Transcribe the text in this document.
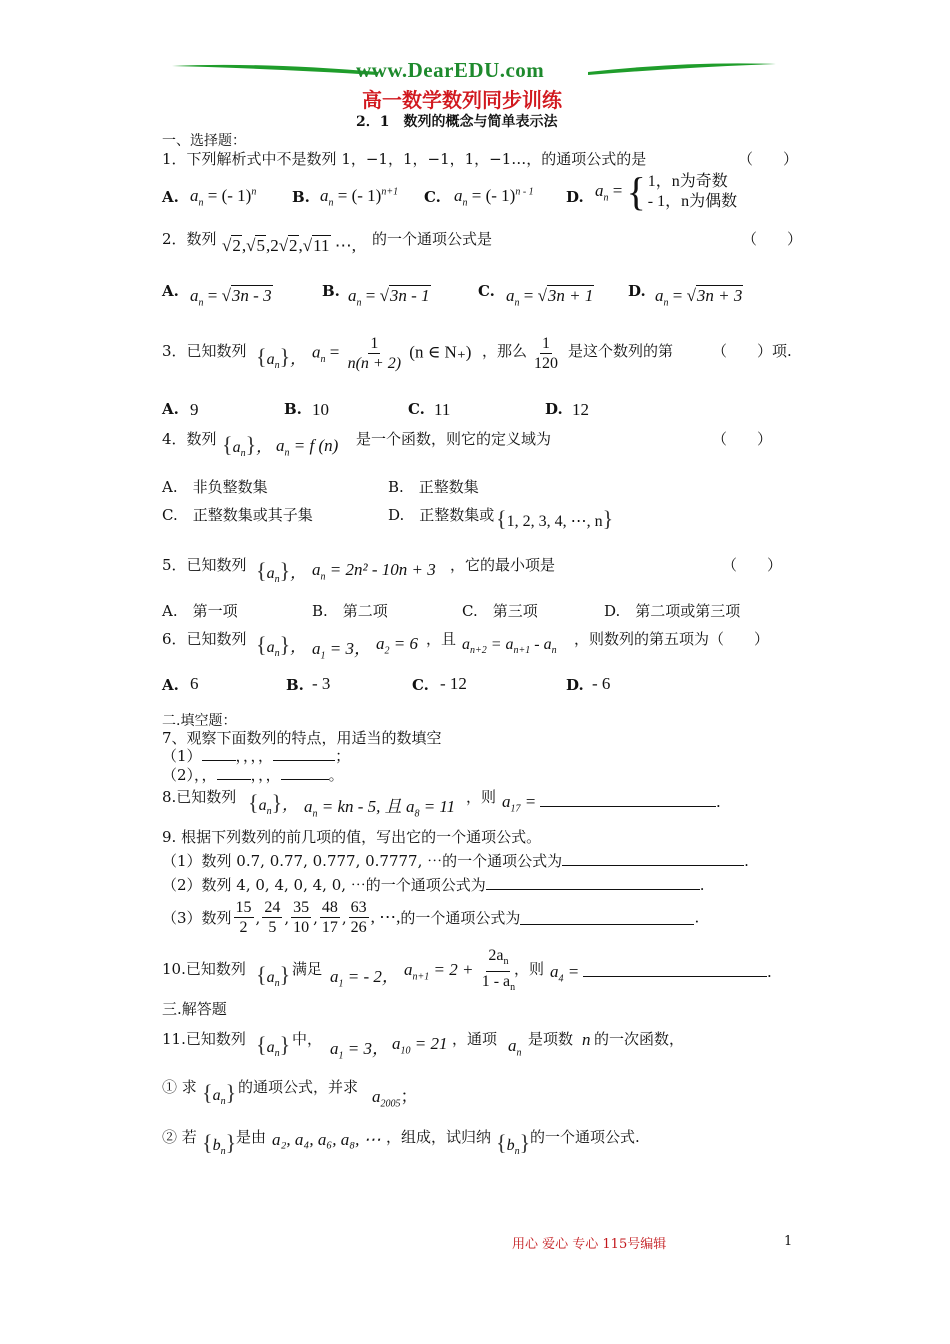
www.DearEDU.com
高一数学数列同步训练
2．1　数列的概念与简单表示法
一、选择题：
1．下列解析式中不是数列 1，−1，1，−1，1，−1…，的通项公式的是	（　　）
A. $a_n$ = (- 1)$^n$ B. $a_n$ = (- 1)$^{n+1}$ C. $a_n$ = (- 1)$^{n - 1}$ D. $a_n$ = { 1，n为奇数
- 1，n为偶数
2．数列 √2,√5,2√2,√11 ⋯, 的一个通项公式是	（　　）
A. $a_n = √3n - 3$	B. $a_n = √3n - 1$	C. $a_n = √3n + 1$ D. $a_n = √3n + 3$
3．已知数列 $\{a_n\}$， $a_n = \frac{1}{n(n + 2)} (n$ ∈ N₊) ，那么 $\frac{1}{120}$ 是这个数列的第	（　　）项.
A. 9	B. 10	C. 11	D. 12
4．数列 $\{a_n\}$， $a_n = f$ (n) 是一个函数，则它的定义域为	（　　）
A.　非负整数集	B.　正整数集
C.　正整数集或其子集	D.　正整数集或 {1, 2, 3, 4, ⋯, n}
5．已知数列 $\{a_n\}$， $a_n = 2n^2 - 10n + 3$ ，它的最小项是	（　　）
A.　第一项	B.　第二项	C.　第三项	D.　第二项或第三项
6．已知数列 $\{a_n\}$， $a_1 = 3$， $a_2 = 6$ ，且 $a_{n+2} = a_{n+1} - a_n$
，则数列的第五项为（　　）
A. 6	B. - 3	C. - 12	D. - 6
二.填空题：
7、观察下面数列的特点，用适当的数填空
（1） ，，，，	；
（2），， ，，，	。
8.已知数列 $\{a_n\}$， $a_n$ = kn - 5, 且 $a_8 = 11$ ，则 $a_{17}$ =	.
9. 根据下列数列的前几项的值，写出它的一个通项公式。
（1）数列 0.7, 0.77, 0.777, 0.7777, ⋯的一个通项公式为	.
（2）数列 4, 0, 4, 0, 4, 0, ⋯的一个通项公式为	.
（3）数列 $\frac{15}{2}$ , $\frac{24}{5}$ , $\frac{35}{10}$ , $\frac{48}{17}$ , $\frac{63}{26}$ , ⋯,的一个通项公式为	.
10.已知数列 $\{a_n\}$ 满足 $a_1$ = - 2， $a_{n+1} = 2 + \frac{2a_n}{1 - a_n}$
，则 $a_4$ =	.
三.解答题
11.已知数列 $\{a_n\}$ 中， $a_1 = 3$， $a_{10} = 21$ ，通项 $a_n$
是项数 n 的一次函数，
① 求 $\{a_n\}$ 的通项公式，并求 $a_{2005}$；
② 若 $\{b_n\}$ 是由 a₂, a₄, a₆, a₈, ⋯ ，组成，试归纳 $\{b_n\}$ 的一个通项公式.
用心 爱心 专心 115号编辑	1
